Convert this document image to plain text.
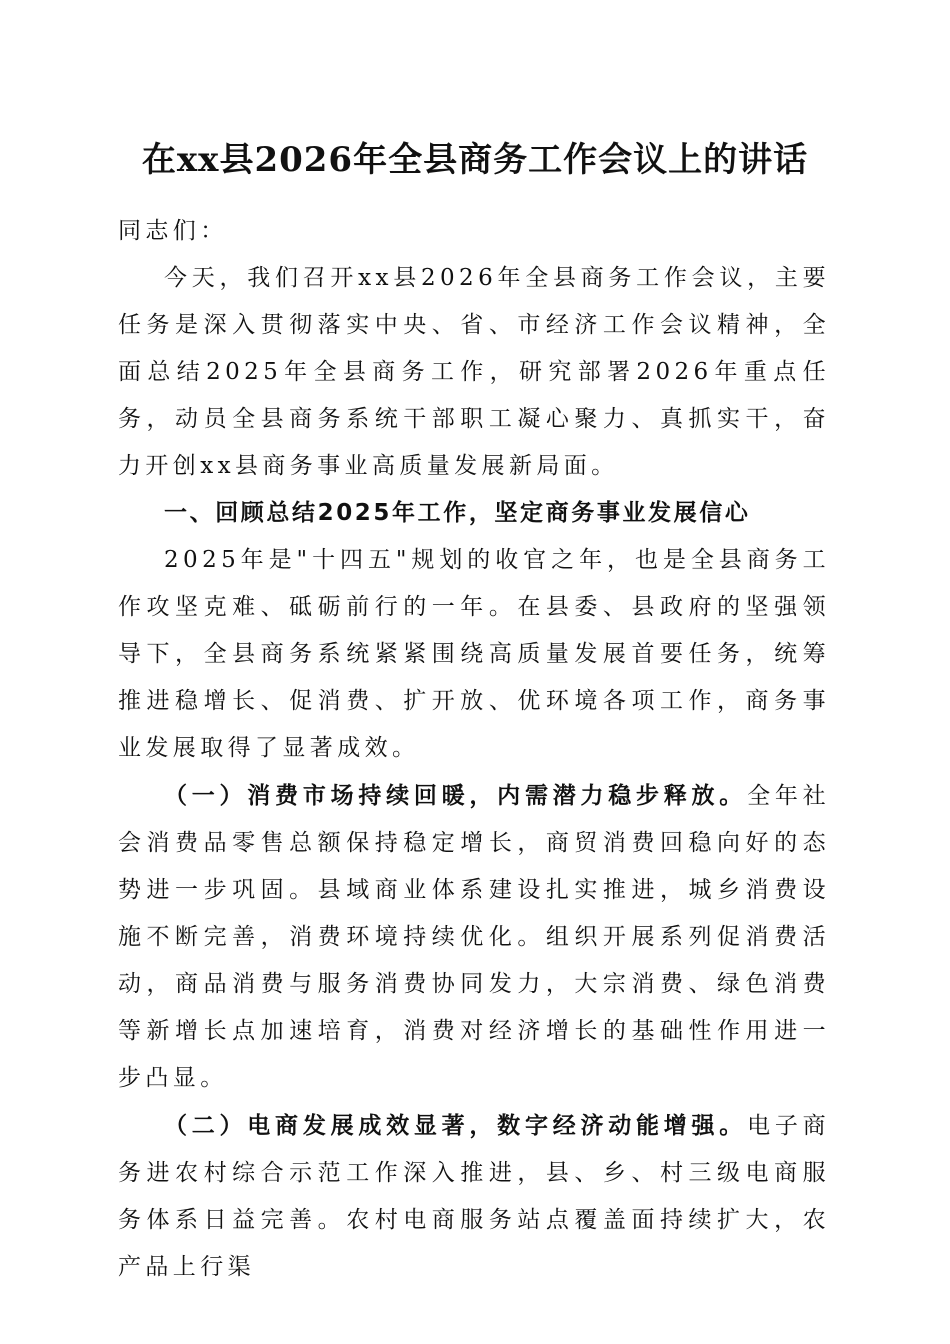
在xx县2026年全县商务工作会议上的讲话

同志们：

今天，我们召开xx县2026年全县商务工作会议，主要任务是深入贯彻落实中央、省、市经济工作会议精神，全面总结2025年全县商务工作，研究部署2026年重点任务，动员全县商务系统干部职工凝心聚力、真抓实干，奋力开创xx县商务事业高质量发展新局面。

一、回顾总结2025年工作，坚定商务事业发展信心

2025年是"十四五"规划的收官之年，也是全县商务工作攻坚克难、砥砺前行的一年。在县委、县政府的坚强领导下，全县商务系统紧紧围绕高质量发展首要任务，统筹推进稳增长、促消费、扩开放、优环境各项工作，商务事业发展取得了显著成效。

（一）消费市场持续回暖，内需潜力稳步释放。全年社会消费品零售总额保持稳定增长，商贸消费回稳向好的态势进一步巩固。县域商业体系建设扎实推进，城乡消费设施不断完善，消费环境持续优化。组织开展系列促消费活动，商品消费与服务消费协同发力，大宗消费、绿色消费等新增长点加速培育，消费对经济增长的基础性作用进一步凸显。

（二）电商发展成效显著，数字经济动能增强。电子商务进农村综合示范工作深入推进，县、乡、村三级电商服务体系日益完善。农村电商服务站点覆盖面持续扩大，农产品上行渠
